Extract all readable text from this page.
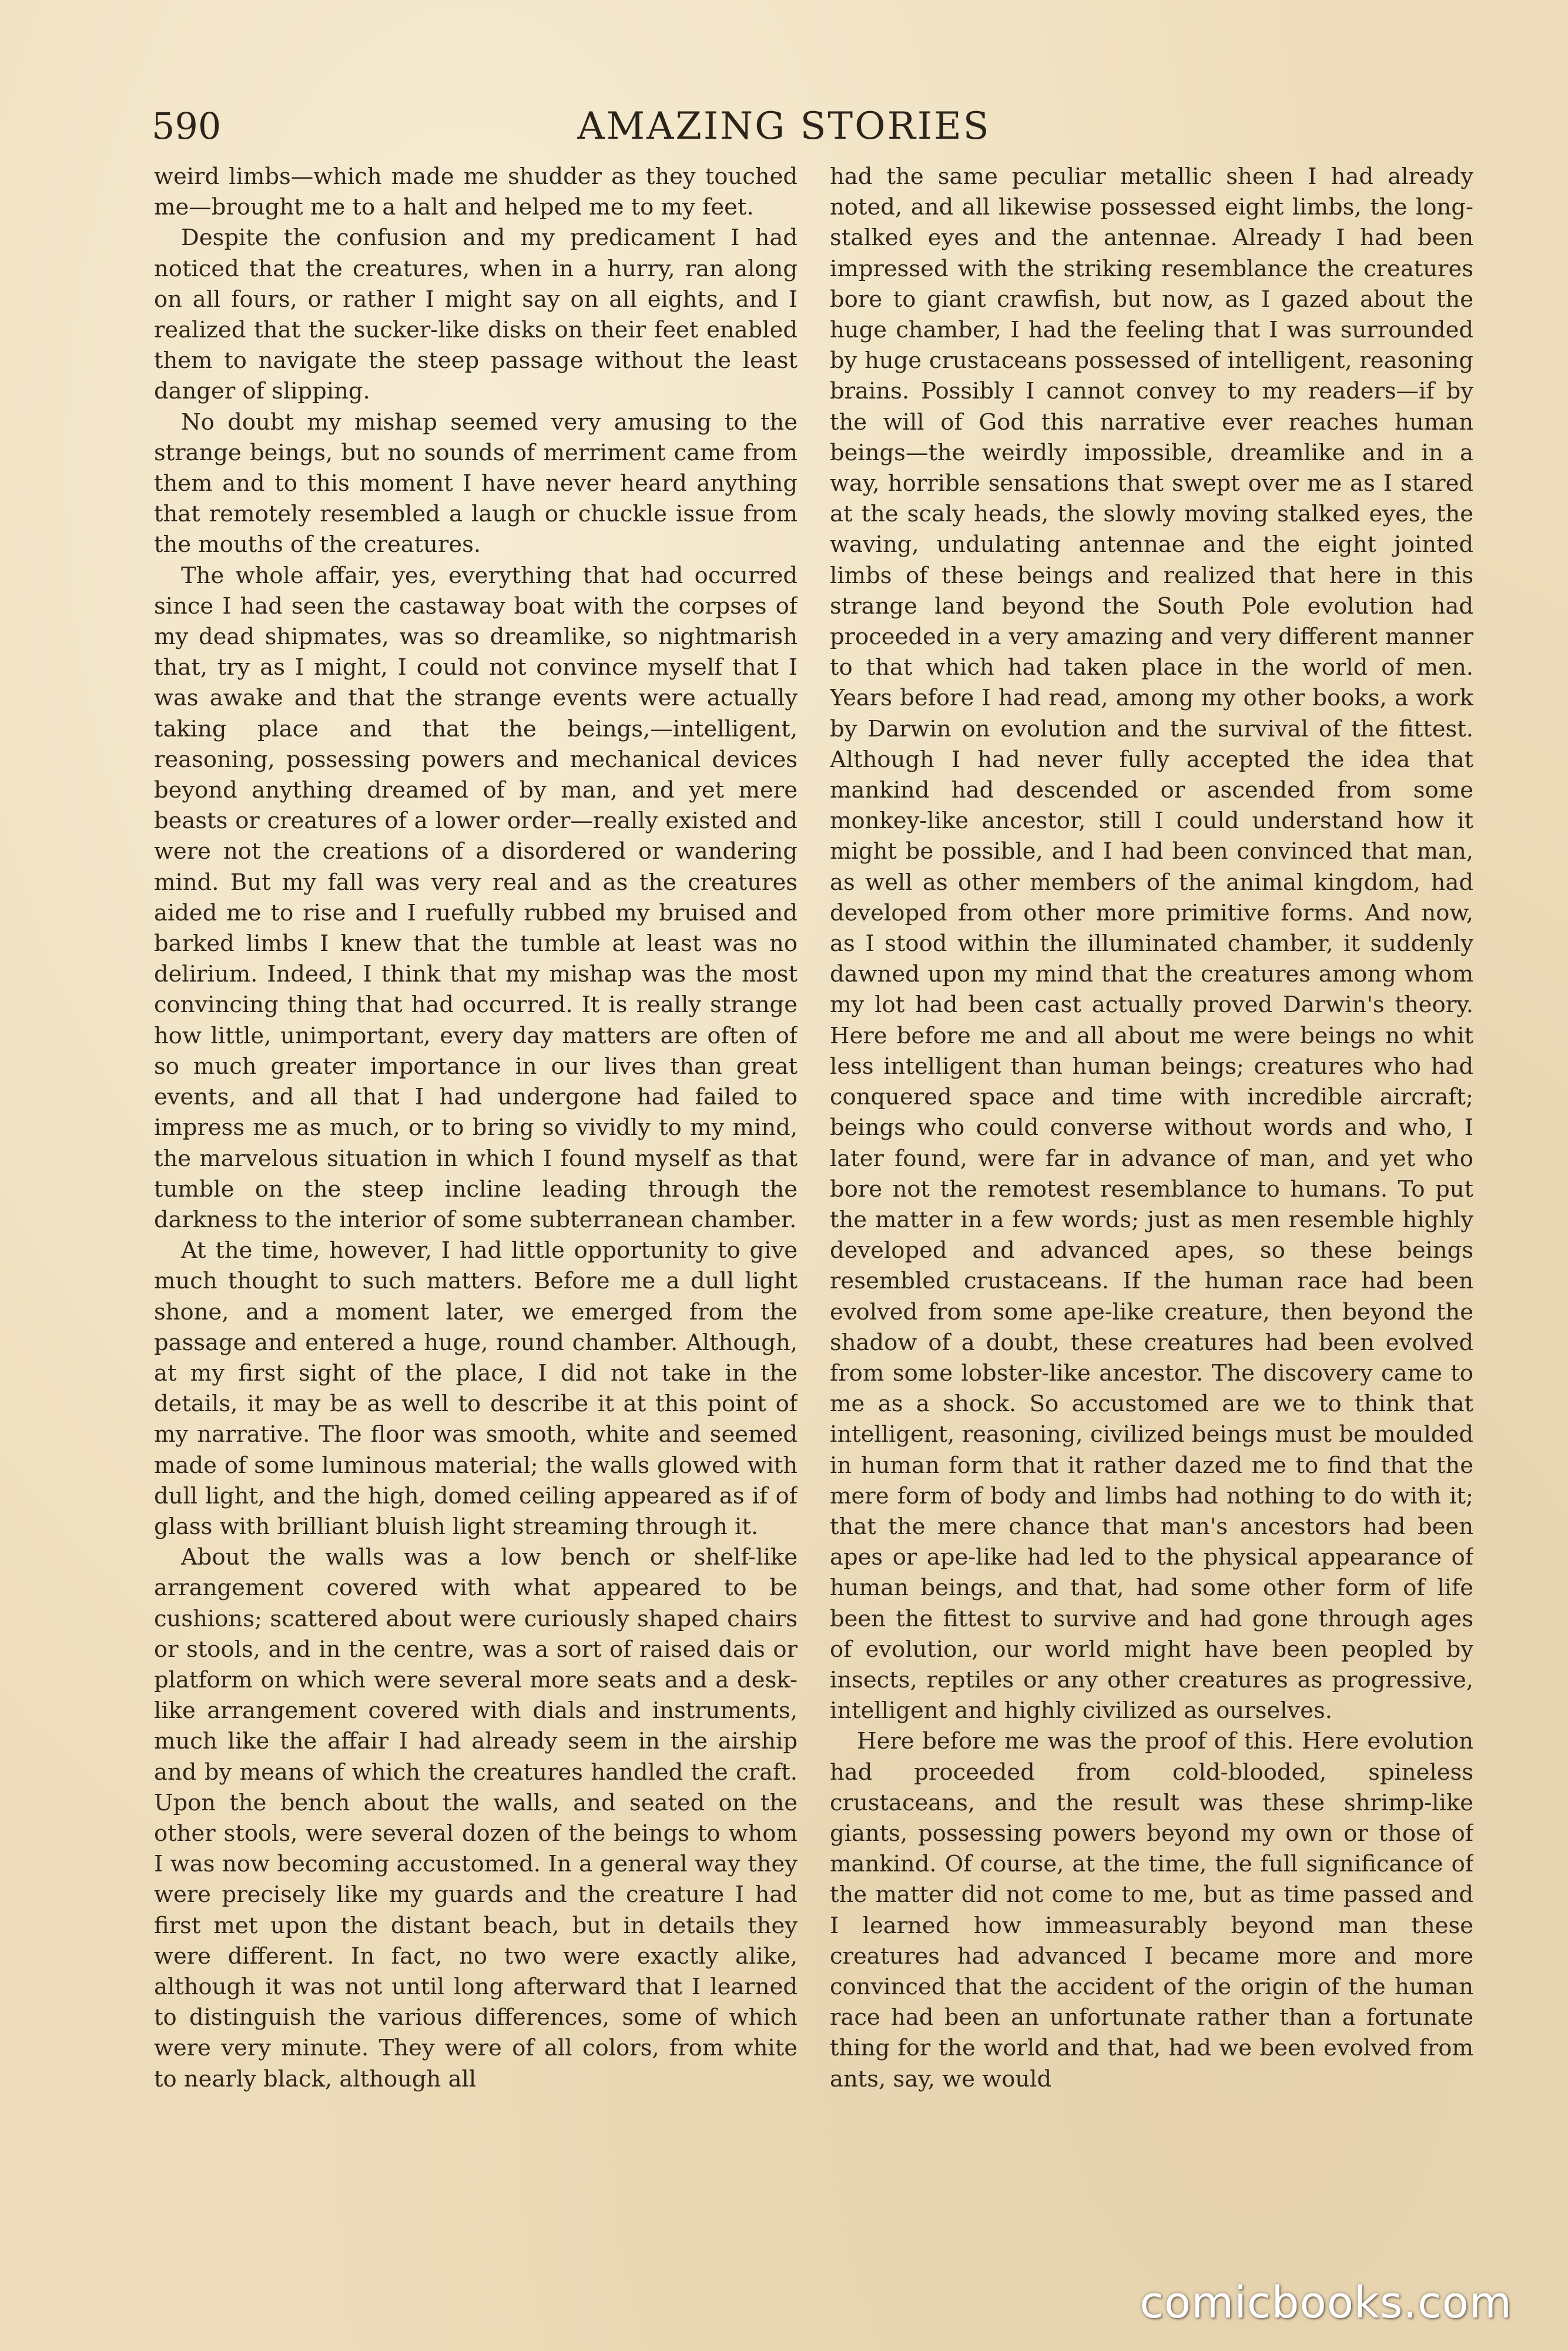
590	AMAZING STORIES

weird limbs—which made me shudder as they touched me—brought me to a halt and helped me to my feet.

Despite the confusion and my predicament I had noticed that the creatures, when in a hurry, ran along on all fours, or rather I might say on all eights, and I realized that the sucker-like disks on their feet enabled them to navigate the steep passage without the least danger of slipping.

No doubt my mishap seemed very amusing to the strange beings, but no sounds of merriment came from them and to this moment I have never heard anything that remotely resembled a laugh or chuckle issue from the mouths of the creatures.

The whole affair, yes, everything that had occurred since I had seen the castaway boat with the corpses of my dead shipmates, was so dreamlike, so nightmarish that, try as I might, I could not convince myself that I was awake and that the strange events were actually taking place and that the beings,—intelligent, reasoning, possessing powers and mechanical devices beyond anything dreamed of by man, and yet mere beasts or creatures of a lower order—really existed and were not the creations of a disordered or wandering mind. But my fall was very real and as the creatures aided me to rise and I ruefully rubbed my bruised and barked limbs I knew that the tumble at least was no delirium. Indeed, I think that my mishap was the most convincing thing that had occurred. It is really strange how little, unimportant, every day matters are often of so much greater importance in our lives than great events, and all that I had undergone had failed to impress me as much, or to bring so vividly to my mind, the marvelous situation in which I found myself as that tumble on the steep incline leading through the darkness to the interior of some subterranean chamber.

At the time, however, I had little opportunity to give much thought to such matters. Before me a dull light shone, and a moment later, we emerged from the passage and entered a huge, round chamber. Although, at my first sight of the place, I did not take in the details, it may be as well to describe it at this point of my narrative. The floor was smooth, white and seemed made of some luminous material; the walls glowed with dull light, and the high, domed ceiling appeared as if of glass with brilliant bluish light streaming through it.

About the walls was a low bench or shelf-like arrangement covered with what appeared to be cushions; scattered about were curiously shaped chairs or stools, and in the centre, was a sort of raised dais or platform on which were several more seats and a desk-like arrangement covered with dials and instruments, much like the affair I had already seem in the airship and by means of which the creatures handled the craft. Upon the bench about the walls, and seated on the other stools, were several dozen of the beings to whom I was now becoming accustomed. In a general way they were precisely like my guards and the creature I had first met upon the distant beach, but in details they were different. In fact, no two were exactly alike, although it was not until long afterward that I learned to distinguish the various differences, some of which were very minute. They were of all colors, from white to nearly black, although all

had the same peculiar metallic sheen I had already noted, and all likewise possessed eight limbs, the long-stalked eyes and the antennae. Already I had been impressed with the striking resemblance the creatures bore to giant crawfish, but now, as I gazed about the huge chamber, I had the feeling that I was surrounded by huge crustaceans possessed of intelligent, reasoning brains. Possibly I cannot convey to my readers—if by the will of God this narrative ever reaches human beings—the weirdly impossible, dreamlike and in a way, horrible sensations that swept over me as I stared at the scaly heads, the slowly moving stalked eyes, the waving, undulating antennae and the eight jointed limbs of these beings and realized that here in this strange land beyond the South Pole evolution had proceeded in a very amazing and very different manner to that which had taken place in the world of men. Years before I had read, among my other books, a work by Darwin on evolution and the survival of the fittest. Although I had never fully accepted the idea that mankind had descended or ascended from some monkey-like ancestor, still I could understand how it might be possible, and I had been convinced that man, as well as other members of the animal kingdom, had developed from other more primitive forms. And now, as I stood within the illuminated chamber, it suddenly dawned upon my mind that the creatures among whom my lot had been cast actually proved Darwin's theory. Here before me and all about me were beings no whit less intelligent than human beings; creatures who had conquered space and time with incredible aircraft; beings who could converse without words and who, I later found, were far in advance of man, and yet who bore not the remotest resemblance to humans. To put the matter in a few words; just as men resemble highly developed and advanced apes, so these beings resembled crustaceans. If the human race had been evolved from some ape-like creature, then beyond the shadow of a doubt, these creatures had been evolved from some lobster-like ancestor. The discovery came to me as a shock. So accustomed are we to think that intelligent, reasoning, civilized beings must be moulded in human form that it rather dazed me to find that the mere form of body and limbs had nothing to do with it; that the mere chance that man's ancestors had been apes or ape-like had led to the physical appearance of human beings, and that, had some other form of life been the fittest to survive and had gone through ages of evolution, our world might have been peopled by insects, reptiles or any other creatures as progressive, intelligent and highly civilized as ourselves.

Here before me was the proof of this. Here evolution had proceeded from cold-blooded, spineless crustaceans, and the result was these shrimp-like giants, possessing powers beyond my own or those of mankind. Of course, at the time, the full significance of the matter did not come to me, but as time passed and I learned how immeasurably beyond man these creatures had advanced I became more and more convinced that the accident of the origin of the human race had been an unfortunate rather than a fortunate thing for the world and that, had we been evolved from ants, say, we would

comicbooks.com
